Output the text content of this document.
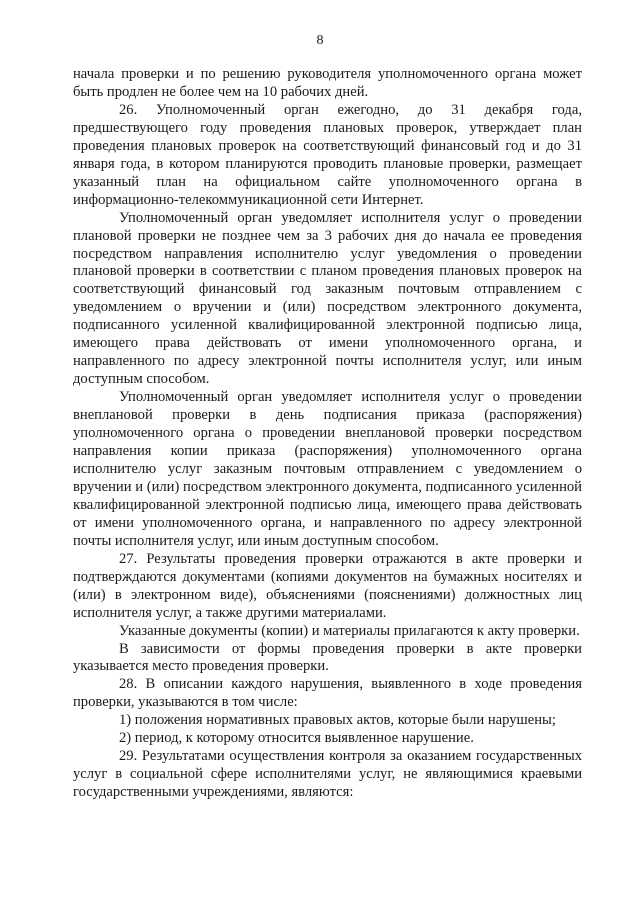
8

начала проверки и по решению руководителя уполномоченного органа может быть продлен не более чем на 10 рабочих дней.

26. Уполномоченный орган ежегодно, до 31 декабря года, предшествующего году проведения плановых проверок, утверждает план проведения плановых проверок на соответствующий финансовый год и до 31 января года, в котором планируются проводить плановые проверки, размещает указанный план на официальном сайте уполномоченного органа в информационно-телекоммуникационной сети Интернет.

Уполномоченный орган уведомляет исполнителя услуг о проведении плановой проверки не позднее чем за 3 рабочих дня до начала ее проведения посредством направления исполнителю услуг уведомления о проведении плановой проверки в соответствии с планом проведения плановых проверок на соответствующий финансовый год заказным почтовым отправлением с уведомлением о вручении и (или) посредством электронного документа, подписанного усиленной квалифицированной электронной подписью лица, имеющего права действовать от имени уполномоченного органа, и направленного по адресу электронной почты исполнителя услуг, или иным доступным способом.

Уполномоченный орган уведомляет исполнителя услуг о проведении внеплановой проверки в день подписания приказа (распоряжения) уполномоченного органа о проведении внеплановой проверки посредством направления копии приказа (распоряжения) уполномоченного органа исполнителю услуг заказным почтовым отправлением с уведомлением о вручении и (или) посредством электронного документа, подписанного усиленной квалифицированной электронной подписью лица, имеющего права действовать от имени уполномоченного органа, и направленного по адресу электронной почты исполнителя услуг, или иным доступным способом.

27. Результаты проведения проверки отражаются в акте проверки и подтверждаются документами (копиями документов на бумажных носителях и (или) в электронном виде), объяснениями (пояснениями) должностных лиц исполнителя услуг, а также другими материалами.

Указанные документы (копии) и материалы прилагаются к акту проверки.

В зависимости от формы проведения проверки в акте проверки указывается место проведения проверки.

28. В описании каждого нарушения, выявленного в ходе проведения проверки, указываются в том числе:

1) положения нормативных правовых актов, которые были нарушены;

2) период, к которому относится выявленное нарушение.

29. Результатами осуществления контроля за оказанием государственных услуг в социальной сфере исполнителями услуг, не являющимися краевыми государственными учреждениями, являются:
